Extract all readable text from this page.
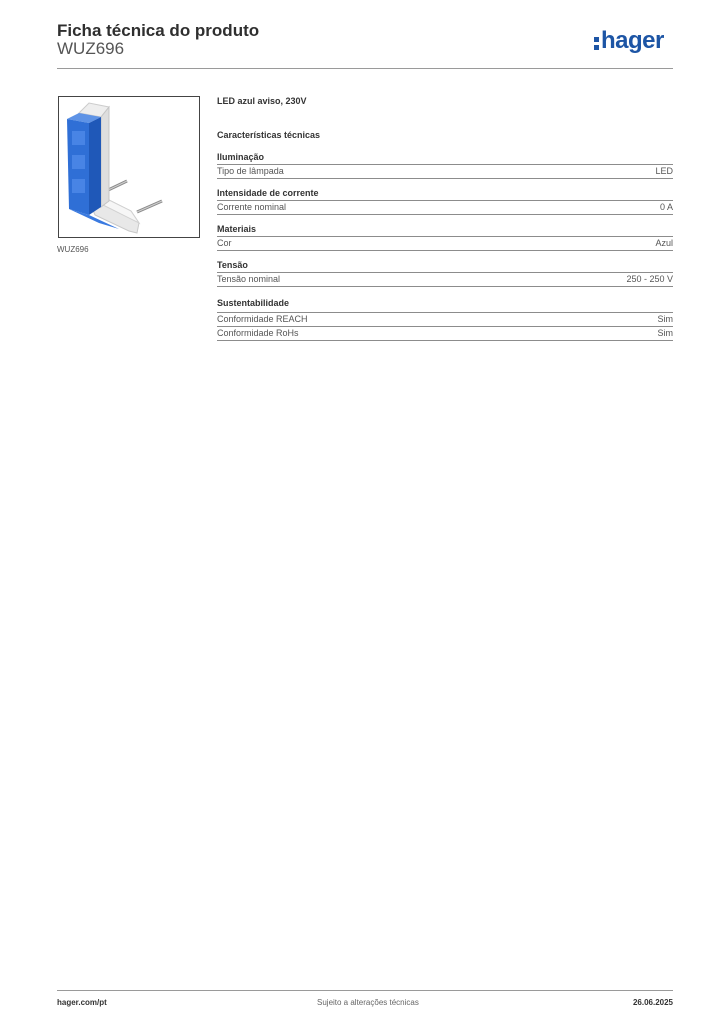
Ficha técnica do produto
WUZ696	hager
WUZ696
LED azul aviso, 230V
Características técnicas
Iluminação
Tipo de lâmpada	LED
Intensidade de corrente
Corrente nominal	0 A
Materiais
Cor	Azul
Tensão
Tensão nominal	250 - 250 V
Sustentabilidade
Conformidade REACH	Sim
Conformidade RoHs	Sim
hager.com/pt	Sujeito a alterações técnicas	26.06.2025
